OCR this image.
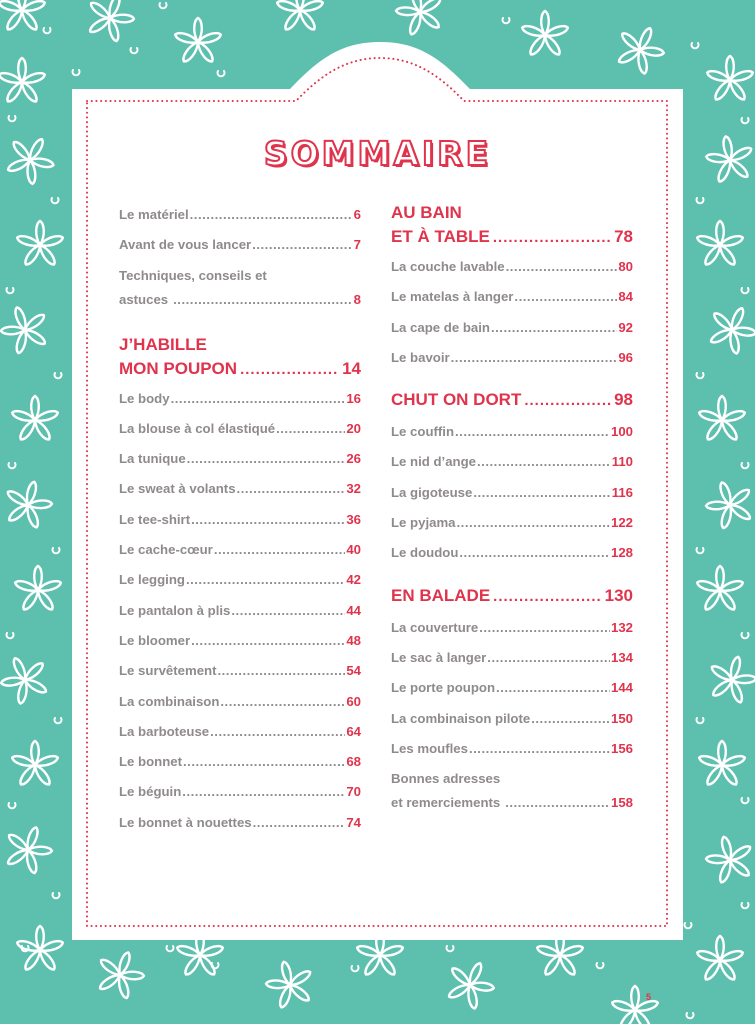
SOMMAIRE
Le matériel .....	6
Avant de vous lancer .....	7
Techniques, conseils et
astuces .....	8
J’HABILLE
MON POUPON .....	14
Le body .....	16
La blouse à col élastiqué .....	20
La tunique .....	26
Le sweat à volants .....	32
Le tee-shirt .....	36
Le cache-cœur .....	40
Le legging .....	42
Le pantalon à plis .....	44
Le bloomer .....	48
Le survêtement .....	54
La combinaison .....	60
La barboteuse .....	64
Le bonnet .....	68
Le béguin .....	70
Le bonnet à nouettes .....	74
AU BAIN
ET À TABLE .....	78
La couche lavable .....	80
Le matelas à langer .....	84
La cape de bain .....	92
Le bavoir .....	96
CHUT ON DORT .....	98
Le couffin .....	100
Le nid d’ange .....	110
La gigoteuse .....	116
Le pyjama .....	122
Le doudou .....	128
EN BALADE .....	130
La couverture .....	132
Le sac à langer .....	134
Le porte poupon .....	144
La combinaison pilote .....	150
Les moufles .....	156
Bonnes adresses
et remerciements .....	158
5
